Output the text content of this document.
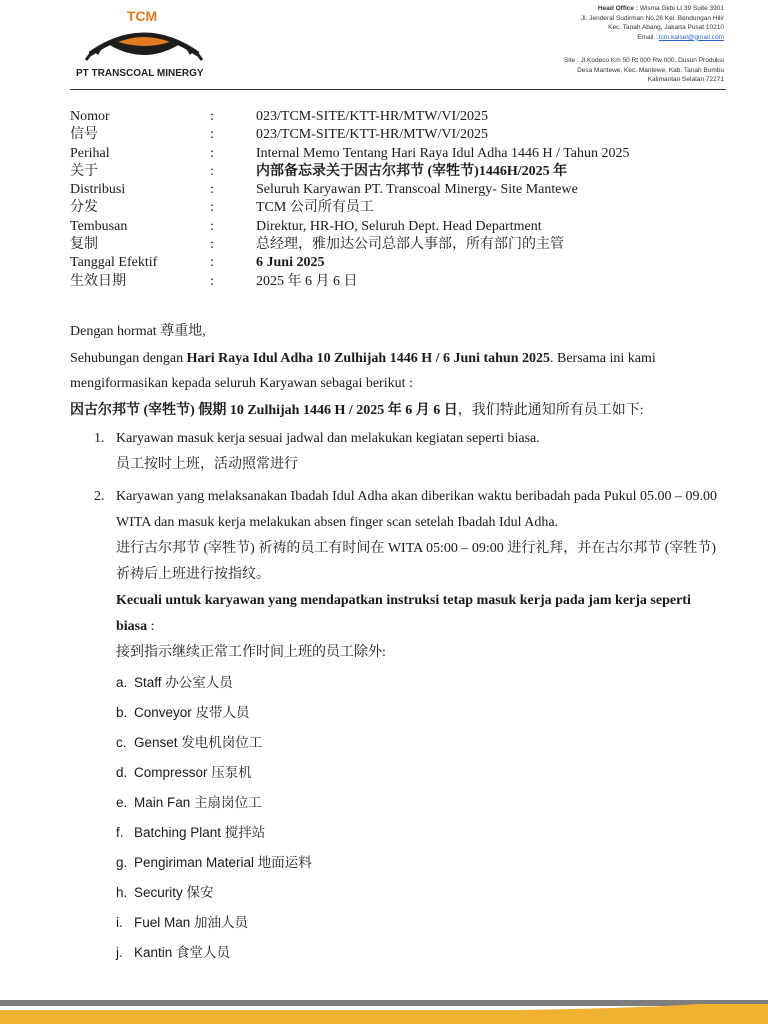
TCM
PT TRANSCOAL MINERGY
Head Office : Wisma Gkbi Lt 39 Suite 3901
Jl. Jenderal Sudirman No.28 Kel. Bendungan Hilir
Kec. Tanah Abang, Jakarta Pusat 10210
Email : tcm.kalsel@gmail.com
Site : Jl.Kodeco Km 50 Rt 000 Rw 000, Dusun Produksi
Desa Mantewe, Kec. Mantewe, Kab. Tanah Bumbu
Kalimantan Selatan 72271
Nomor	:	023/TCM-SITE/KTT-HR/MTW/VI/2025
信号	:	023/TCM-SITE/KTT-HR/MTW/VI/2025
Perihal	:	Internal Memo Tentang Hari Raya Idul Adha 1446 H / Tahun 2025
关于	:	内部备忘录关于因古尔邦节 (宰牲节)1446H/2025 年
Distribusi	:	Seluruh Karyawan PT. Transcoal Minergy- Site Mantewe
分发	:	TCM 公司所有员工
Tembusan	:	Direktur, HR-HO, Seluruh Dept. Head Department
复制	:	总经理，雅加达公司总部人事部，所有部门的主管
Tanggal Efektif	:	6 Juni 2025
生效日期	:	2025 年 6 月 6 日
Dengan hormat 尊重地,
Sehubungan dengan Hari Raya Idul Adha 10 Zulhijah 1446 H / 6 Juni tahun 2025. Bersama ini kami mengiformasikan kepada seluruh Karyawan sebagai berikut :
因古尔邦节 (宰牲节) 假期 10 Zulhijah 1446 H / 2025 年 6 月 6 日，我们特此通知所有员工如下:
1. Karyawan masuk kerja sesuai jadwal dan melakukan kegiatan seperti biasa.
员工按时上班，活动照常进行
2. Karyawan yang melaksanakan Ibadah Idul Adha akan diberikan waktu beribadah pada Pukul 05.00 – 09.00 WITA dan masuk kerja melakukan absen finger scan setelah Ibadah Idul Adha.
进行古尔邦节 (宰牲节) 祈祷的员工有时间在 WITA 05:00 – 09:00 进行礼拜，并在古尔邦节 (宰牲节) 祈祷后上班进行按指纹。
Kecuali untuk karyawan yang mendapatkan instruksi tetap masuk kerja pada jam kerja seperti biasa :
接到指示继续正常工作时间上班的员工除外:
a. Staff 办公室人员
b. Conveyor 皮带人员
c. Genset 发电机岗位工
d. Compressor 压泵机
e. Main Fan 主扇岗位工
f. Batching Plant 搅拌站
g. Pengiriman Material 地面运料
h. Security 保安
i. Fuel Man 加油人员
j. Kantin 食堂人员
